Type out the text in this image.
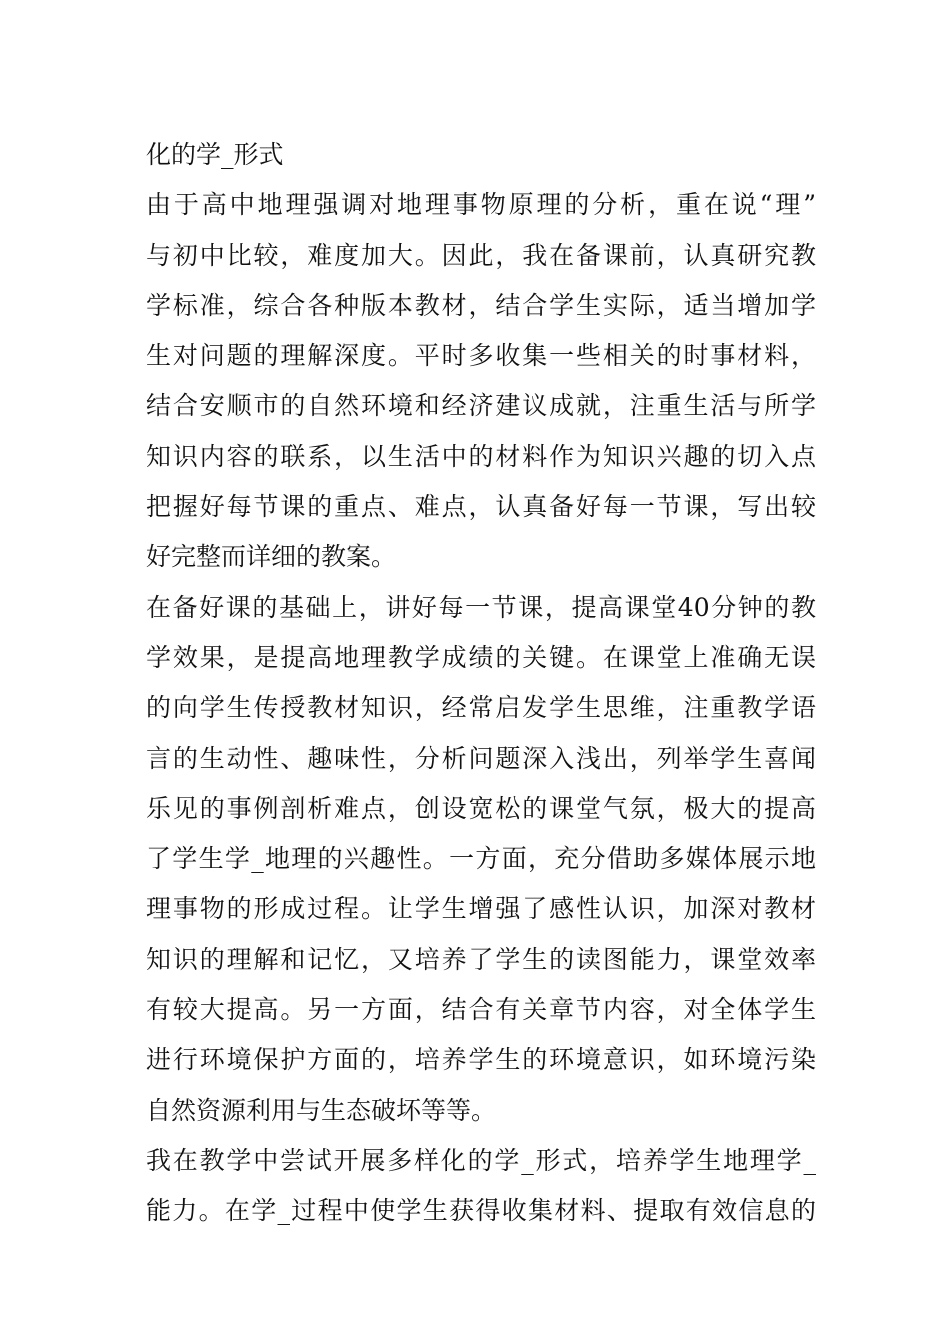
化的学_形式
由于高中地理强调对地理事物原理的分析，重在说“理”
与初中比较，难度加大。因此，我在备课前，认真研究教
学标准，综合各种版本教材，结合学生实际，适当增加学
生对问题的理解深度。平时多收集一些相关的时事材料，
结合安顺市的自然环境和经济建议成就，注重生活与所学
知识内容的联系，以生活中的材料作为知识兴趣的切入点
把握好每节课的重点、难点，认真备好每一节课，写出较
好完整而详细的教案。
在备好课的基础上，讲好每一节课，提高课堂40分钟的教
学效果，是提高地理教学成绩的关键。在课堂上准确无误
的向学生传授教材知识，经常启发学生思维，注重教学语
言的生动性、趣味性，分析问题深入浅出，列举学生喜闻
乐见的事例剖析难点，创设宽松的课堂气氛，极大的提高
了学生学_地理的兴趣性。一方面，充分借助多媒体展示地
理事物的形成过程。让学生增强了感性认识，加深对教材
知识的理解和记忆，又培养了学生的读图能力，课堂效率
有较大提高。另一方面，结合有关章节内容，对全体学生
进行环境保护方面的，培养学生的环境意识，如环境污染
自然资源利用与生态破坏等等。
我在教学中尝试开展多样化的学_形式，培养学生地理学_
能力。在学_过程中使学生获得收集材料、提取有效信息的
